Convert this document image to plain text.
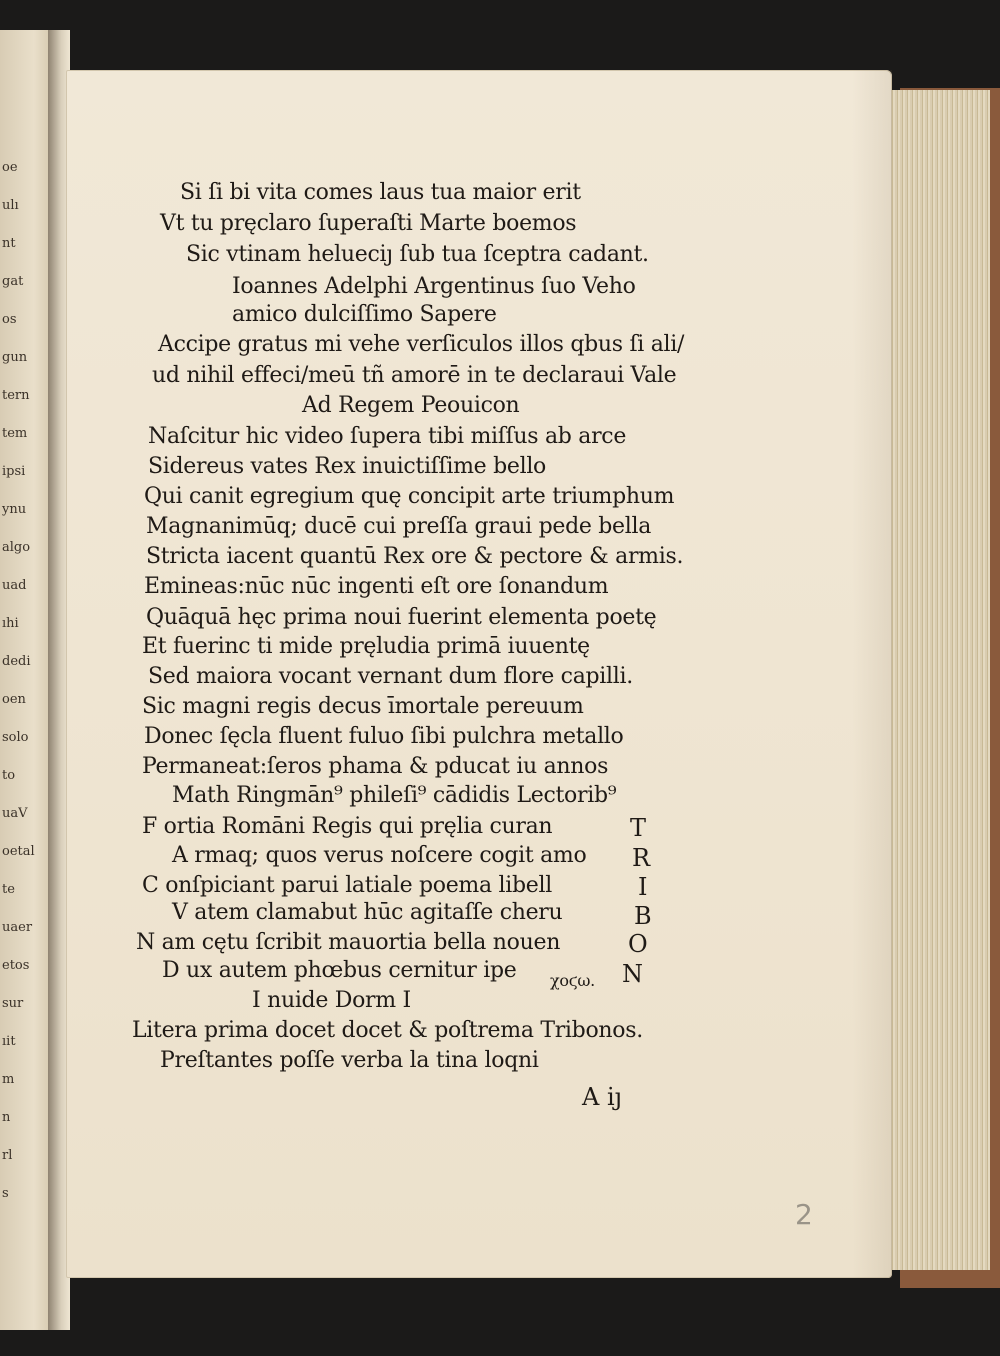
oe
ulı
nt
gat
os
gun
tern
tem
ipsi
ynu
algo
uad
ıhi
dedi
oen
solo
to
uaV
oetal
te
uaer
etos
sur
ıit
m
n
rl
s
Si ſi bi vita comes laus tua maior erit
Vt tu pręclaro ſuperaſti Marte boemos
Sic vtinam helueciȷ ſub tua ſceptra cadant.
Ioannes Adelphi Argentinus ſuo Veho
amico dulciſſimo Sapere
Accipe gratus mi vehe verſiculos illos qbus ſi ali/
ud nihil effeci/meū tñ amorē in te declaraui Vale
Ad Regem Peouicon
Naſcitur hic video ſupera tibi miſſus ab arce
Sidereus vates Rex inuictiſſime bello
Qui canit egregium quę concipit arte triumphum
Magnanimūq; ducē cui preſſa graui pede bella
Stricta iacent quantū Rex ore & pectore & armis.
Emineas:nūc nūc ingenti eſt ore ſonandum
Quāquā hęc prima noui fuerint elementa poetę
Et fuerinc ti mide pręludia primā iuuentę
Sed maiora vocant vernant dum flore capilli.
Sic magni regis decus īmortale pereuum
Donec ſęcla fluent fuluo ſibi pulchra metallo
Permaneat:ſeros phama & pducat iu annos
Math Ringmān⁹ phileſi⁹ cādidis Lectorib⁹
F ortia Romāni Regis qui pręlia curan
A rmaq; quos verus noſcere cogit amo
C onſpiciant parui latiale poema libell
V atem clamabut hūc agitaſſe cheru
N am cętu ſcribit mauortia bella nouen
D ux autem phœbus cernitur ipe χοϛω.
I nuide Dorm I
Litera prima docet docet & poſtrema Tribonos.
Preſtantes poſſe verba la tina loqni
T
R
I
B
O
N
A iȷ
2
